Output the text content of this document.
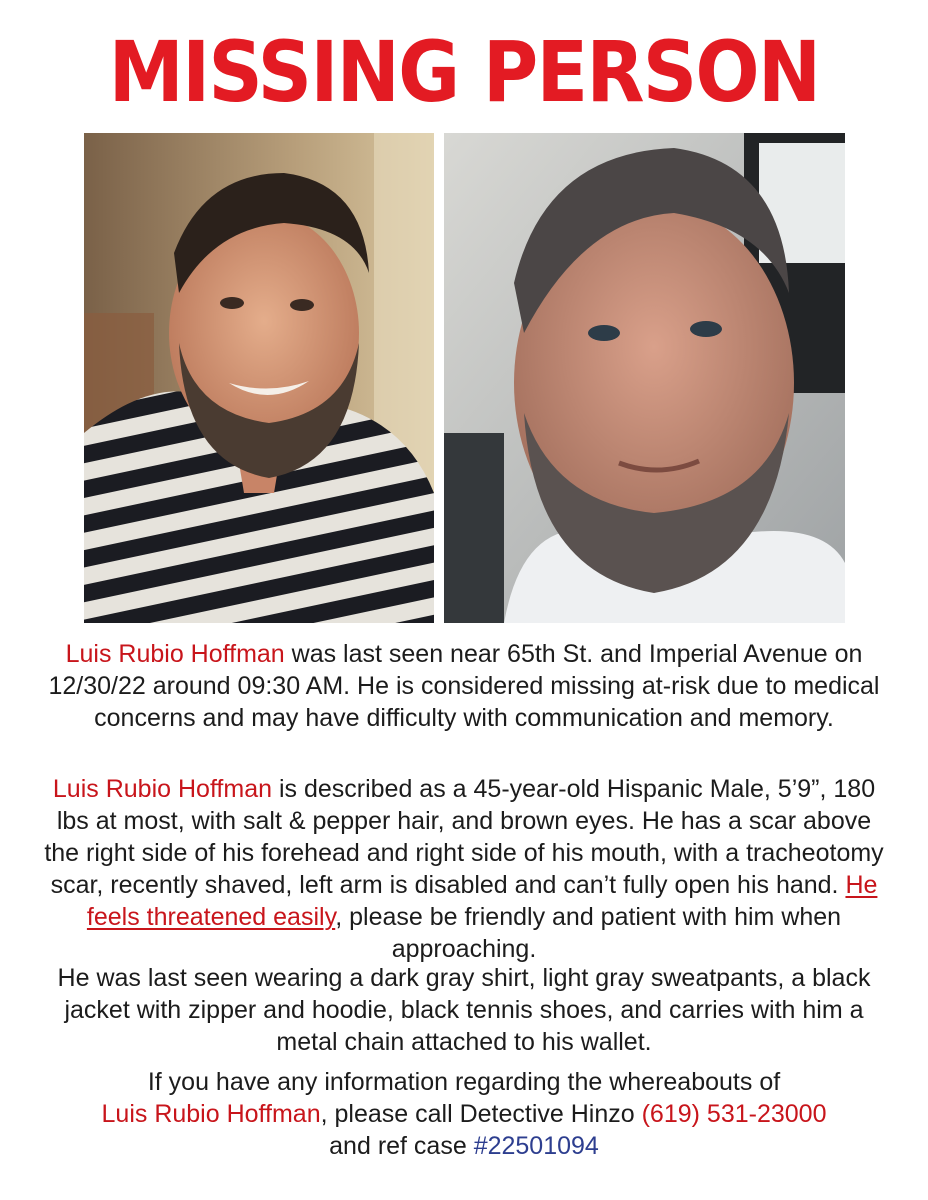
MISSING PERSON
Luis Rubio Hoffman was last seen near 65th St. and Imperial Avenue on 12/30/22 around 09:30 AM. He is considered missing at-risk due to medical concerns and may have difficulty with communication and memory.
Luis Rubio Hoffman is described as a 45-year-old Hispanic Male, 5’9”, 180 lbs at most, with salt & pepper hair, and brown eyes. He has a scar above the right side of his forehead and right side of his mouth, with a tracheotomy scar, recently shaved, left arm is disabled and can’t fully open his hand. He feels threatened easily, please be friendly and patient with him when approaching.
He was last seen wearing a dark gray shirt, light gray sweatpants, a black jacket with zipper and hoodie, black tennis shoes, and carries with him a metal chain attached to his wallet.
If you have any information regarding the whereabouts of
Luis Rubio Hoffman, please call Detective Hinzo (619) 531-23000
and ref case #22501094
